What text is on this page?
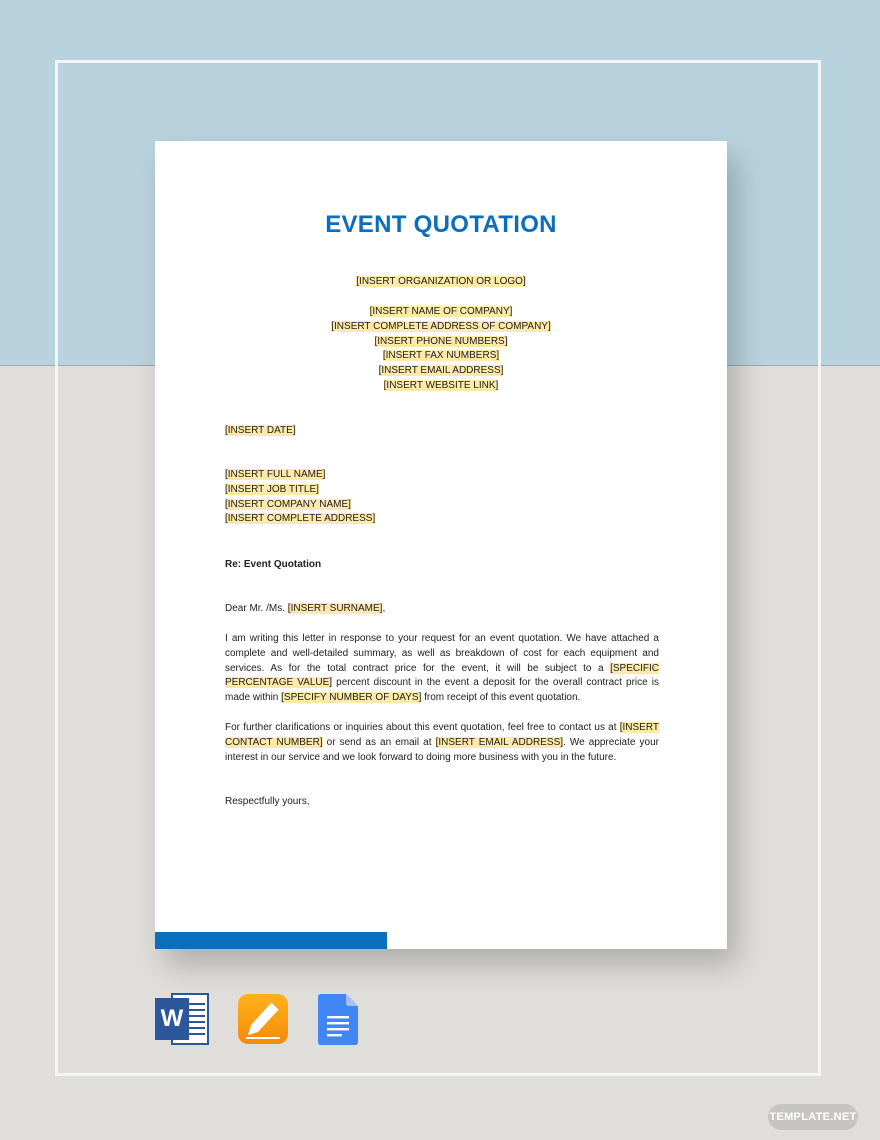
EVENT QUOTATION
[INSERT ORGANIZATION OR LOGO]
[INSERT NAME OF COMPANY]
[INSERT COMPLETE ADDRESS OF COMPANY]
[INSERT PHONE NUMBERS]
[INSERT FAX NUMBERS]
[INSERT EMAIL ADDRESS]
[INSERT WEBSITE LINK]
[INSERT DATE]
[INSERT FULL NAME]
[INSERT JOB TITLE]
[INSERT COMPANY NAME]
[INSERT COMPLETE ADDRESS]
Re: Event Quotation
Dear Mr. /Ms. [INSERT SURNAME],
I am writing this letter in response to your request for an event quotation. We have attached a complete and well-detailed summary, as well as breakdown of cost for each equipment and services. As for the total contract price for the event, it will be subject to a [SPECIFIC PERCENTAGE VALUE] percent discount in the event a deposit for the overall contract price is made within [SPECIFY NUMBER OF DAYS] from receipt of this event quotation.
For further clarifications or inquiries about this event quotation, feel free to contact us at [INSERT CONTACT NUMBER] or send as an email at [INSERT EMAIL ADDRESS]. We appreciate your interest in our service and we look forward to doing more business with you in the future.
Respectfully yours,
W
TEMPLATE.NET
